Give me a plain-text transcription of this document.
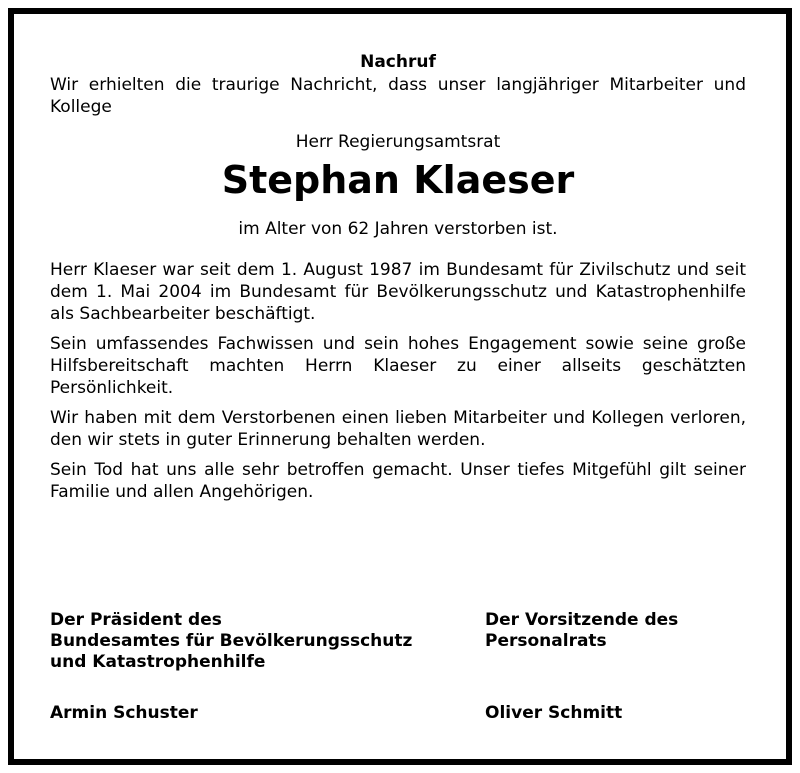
Nachruf

Wir erhielten die traurige Nachricht, dass unser langjähriger Mitarbeiter und Kollege

Herr Regierungsamtsrat
Stephan Klaeser
im Alter von 62 Jahren verstorben ist.

Herr Klaeser war seit dem 1. August 1987 im Bundesamt für Zivilschutz und seit dem 1. Mai 2004 im Bundesamt für Bevölkerungsschutz und Katastrophenhilfe als Sachbearbeiter beschäftigt.

Sein umfassendes Fachwissen und sein hohes Engagement sowie seine große Hilfsbereitschaft machten Herrn Klaeser zu einer allseits geschätzten Persönlichkeit.

Wir haben mit dem Verstorbenen einen lieben Mitarbeiter und Kollegen verloren, den wir stets in guter Erinnerung behalten werden.

Sein Tod hat uns alle sehr betroffen gemacht. Unser tiefes Mitgefühl gilt seiner Familie und allen Angehörigen.

Der Präsident des
Bundesamtes für Bevölkerungsschutz
und Katastrophenhilfe
Der Vorsitzende des
Personalrats
Armin Schuster	Oliver Schmitt
